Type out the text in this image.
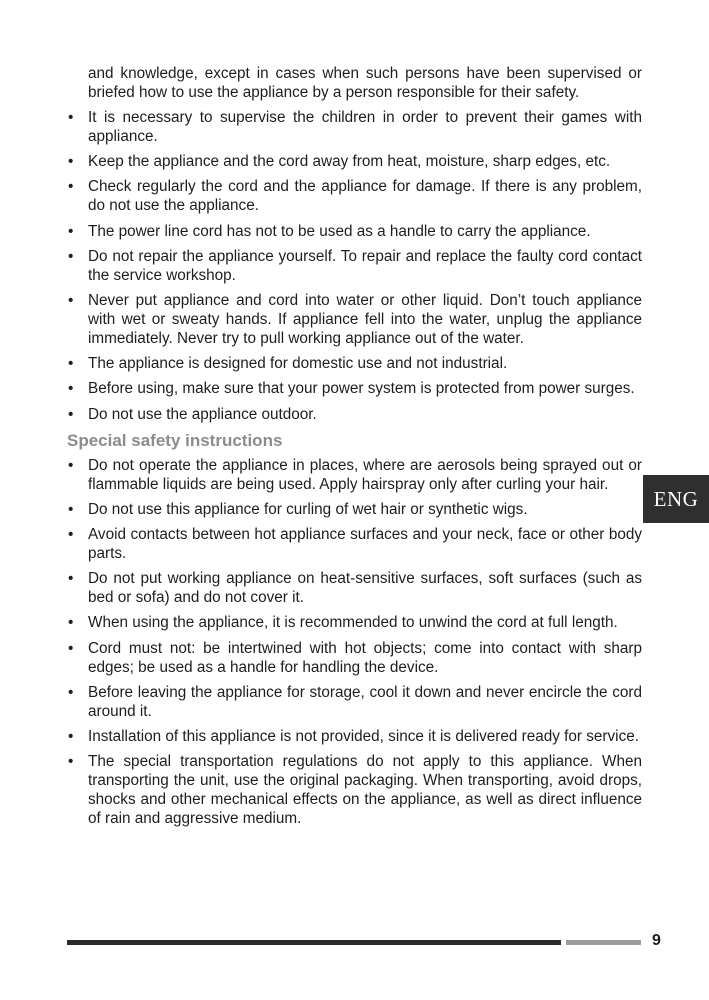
and knowledge, except in cases when such persons have been supervised or briefed how to use the appliance by a person responsible for their safety.

• It is necessary to supervise the children in order to prevent their games with appliance.
• Keep the appliance and the cord away from heat, moisture, sharp edges, etc.
• Check regularly the cord and the appliance for damage. If there is any problem, do not use the appliance.
• The power line cord has not to be used as a handle to carry the appliance.
• Do not repair the appliance yourself. To repair and replace the faulty cord contact the service workshop.
• Never put appliance and cord into water or other liquid. Don’t touch appliance with wet or sweaty hands. If appliance fell into the water, unplug the appliance immediately. Never try to pull working appliance out of the water.
• The appliance is designed for domestic use and not industrial.
• Before using, make sure that your power system is protected from power surges.
• Do not use the appliance outdoor.
Special safety instructions
• Do not operate the appliance in places, where are aerosols being sprayed out or flammable liquids are being used. Apply hairspray only after curling your hair.
• Do not use this appliance for curling of wet hair or synthetic wigs.
• Avoid contacts between hot appliance surfaces and your neck, face or other body parts.
• Do not put working appliance on heat-sensitive surfaces, soft surfaces (such as bed or sofa) and do not cover it.
• When using the appliance, it is recommended to unwind the cord at full length.
• Cord must not: be intertwined with hot objects; come into contact with sharp edges; be used as a handle for handling the device.
• Before leaving the appliance for storage, cool it down and never encircle the cord around it.
• Installation of this appliance is not provided, since it is delivered ready for service.
• The special transportation regulations do not apply to this appliance. When transporting the unit, use the original packaging. When transporting, avoid drops, shocks and other mechanical effects on the appliance, as well as direct influence of rain and aggressive medium.
ENG
9
